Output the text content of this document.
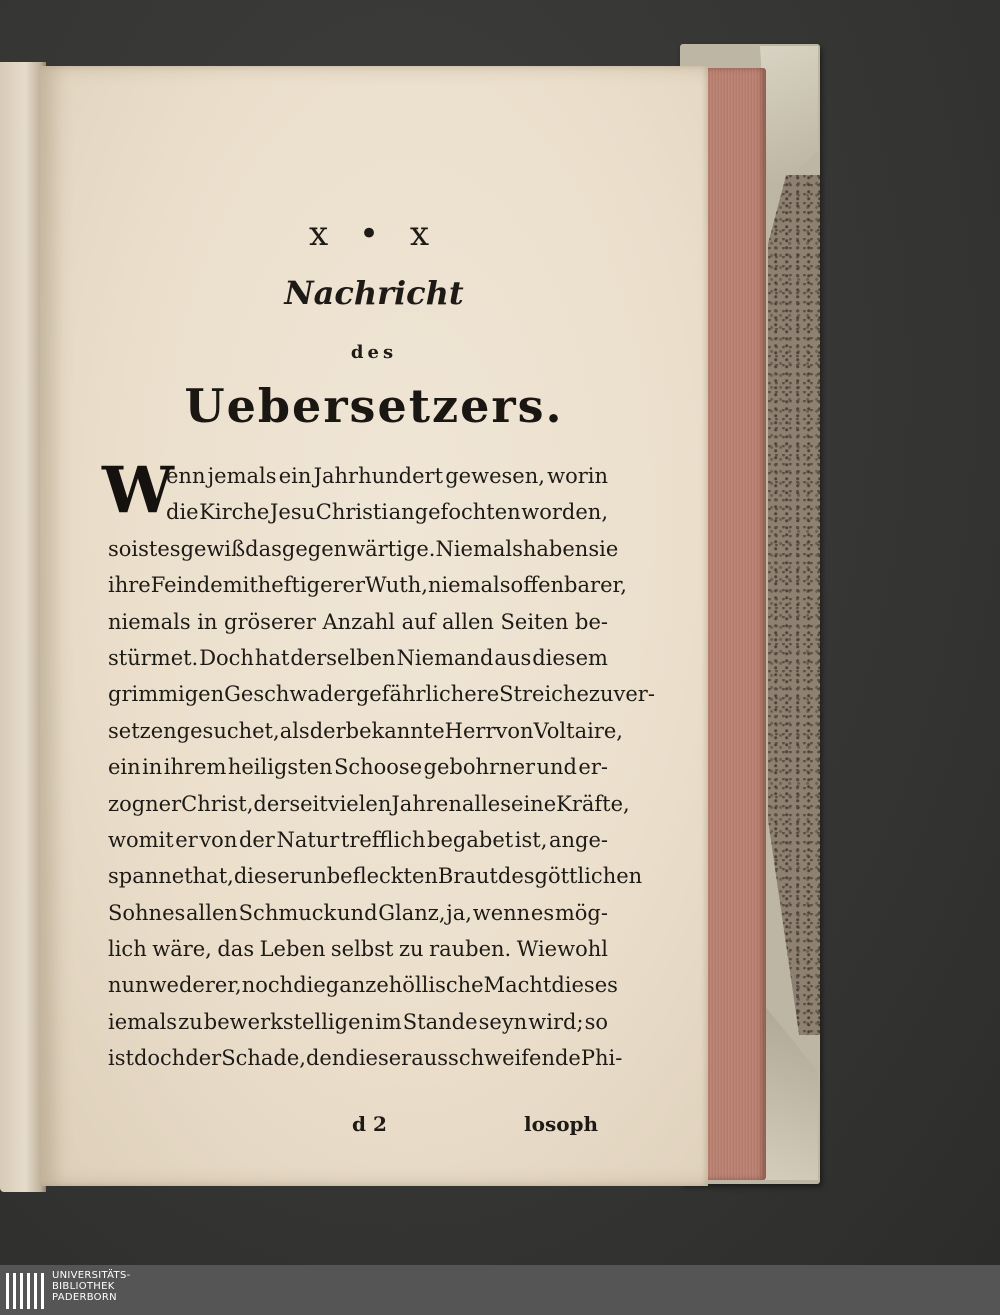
x • x
Nachricht
des
Uebersetzers.
W
enn jemals ein Jahrhundert gewesen, worin
die Kirche Jesu Christi angefochten worden,
so ist es gewiß das gegenwärtige. Niemals haben sie
ihre Feinde mit heftigerer Wuth, niemals offenbarer,
niemals in gröserer Anzahl auf allen Seiten be-
stürmet. Doch hat derselben Niemand aus diesem
grimmigen Geschwader gefährlichere Streiche zu ver-
setzen gesuchet, als der bekannte Herr von Voltaire,
ein in ihrem heiligsten Schoose gebohrner und er-
zogner Christ, der seit vielen Jahren alle seine Kräfte,
womit er von der Natur trefflich begabet ist, ange-
spannet hat, dieser unbefleckten Braut des göttlichen
Sohnes allen Schmuck und Glanz, ja, wenn es mög-
lich wäre, das Leben selbst zu rauben. Wiewohl
nun weder er, noch die ganze höllische Macht dieses
iemals zu bewerkstelligen im Stande seyn wird; so
ist doch der Schade, den dieser ausschweifende Phi-
d 2	losoph
UNIVERSITÄTS-
BIBLIOTHEK
PADERBORN
